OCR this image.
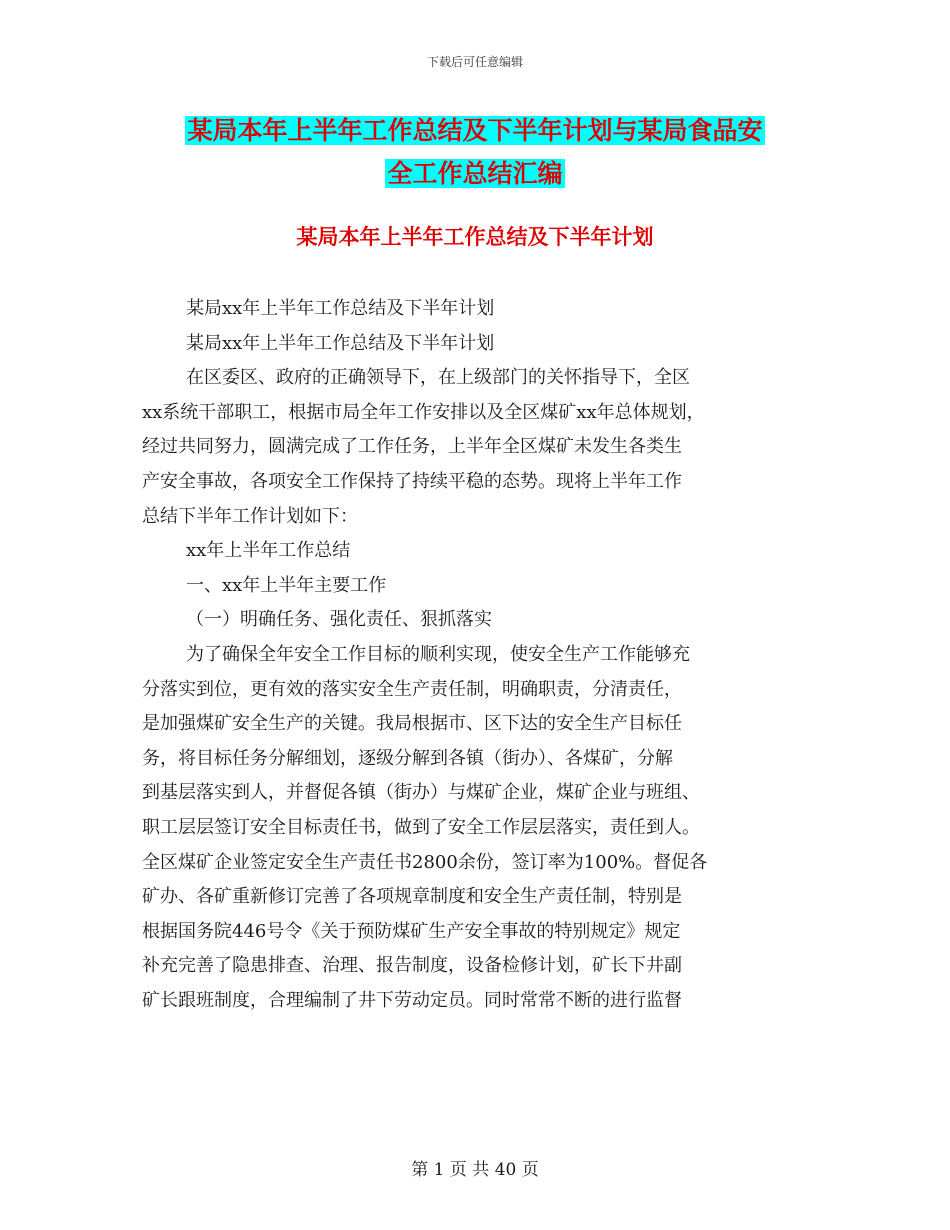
下载后可任意编辑
某局本年上半年工作总结及下半年计划与某局食品安
全工作总结汇编
某局本年上半年工作总结及下半年计划
某局xx年上半年工作总结及下半年计划
某局xx年上半年工作总结及下半年计划
在区委区、政府的正确领导下，在上级部门的关怀指导下，全区
xx系统干部职工，根据市局全年工作安排以及全区煤矿xx年总体规划，
经过共同努力，圆满完成了工作任务，上半年全区煤矿未发生各类生
产安全事故，各项安全工作保持了持续平稳的态势。现将上半年工作
总结下半年工作计划如下：
xx年上半年工作总结
一、xx年上半年主要工作
（一）明确任务、强化责任、狠抓落实
为了确保全年安全工作目标的顺利实现，使安全生产工作能够充
分落实到位，更有效的落实安全生产责任制，明确职责，分清责任，
是加强煤矿安全生产的关键。我局根据市、区下达的安全生产目标任
务，将目标任务分解细划，逐级分解到各镇（街办）、各煤矿，分解
到基层落实到人，并督促各镇（街办）与煤矿企业，煤矿企业与班组、
职工层层签订安全目标责任书，做到了安全工作层层落实，责任到人。
全区煤矿企业签定安全生产责任书2800余份，签订率为100%。督促各
矿办、各矿重新修订完善了各项规章制度和安全生产责任制，特别是
根据国务院446号令《关于预防煤矿生产安全事故的特别规定》规定
补充完善了隐患排查、治理、报告制度，设备检修计划，矿长下井副
矿长跟班制度，合理编制了井下劳动定员。同时常常不断的进行监督
第 1 页 共 40 页
